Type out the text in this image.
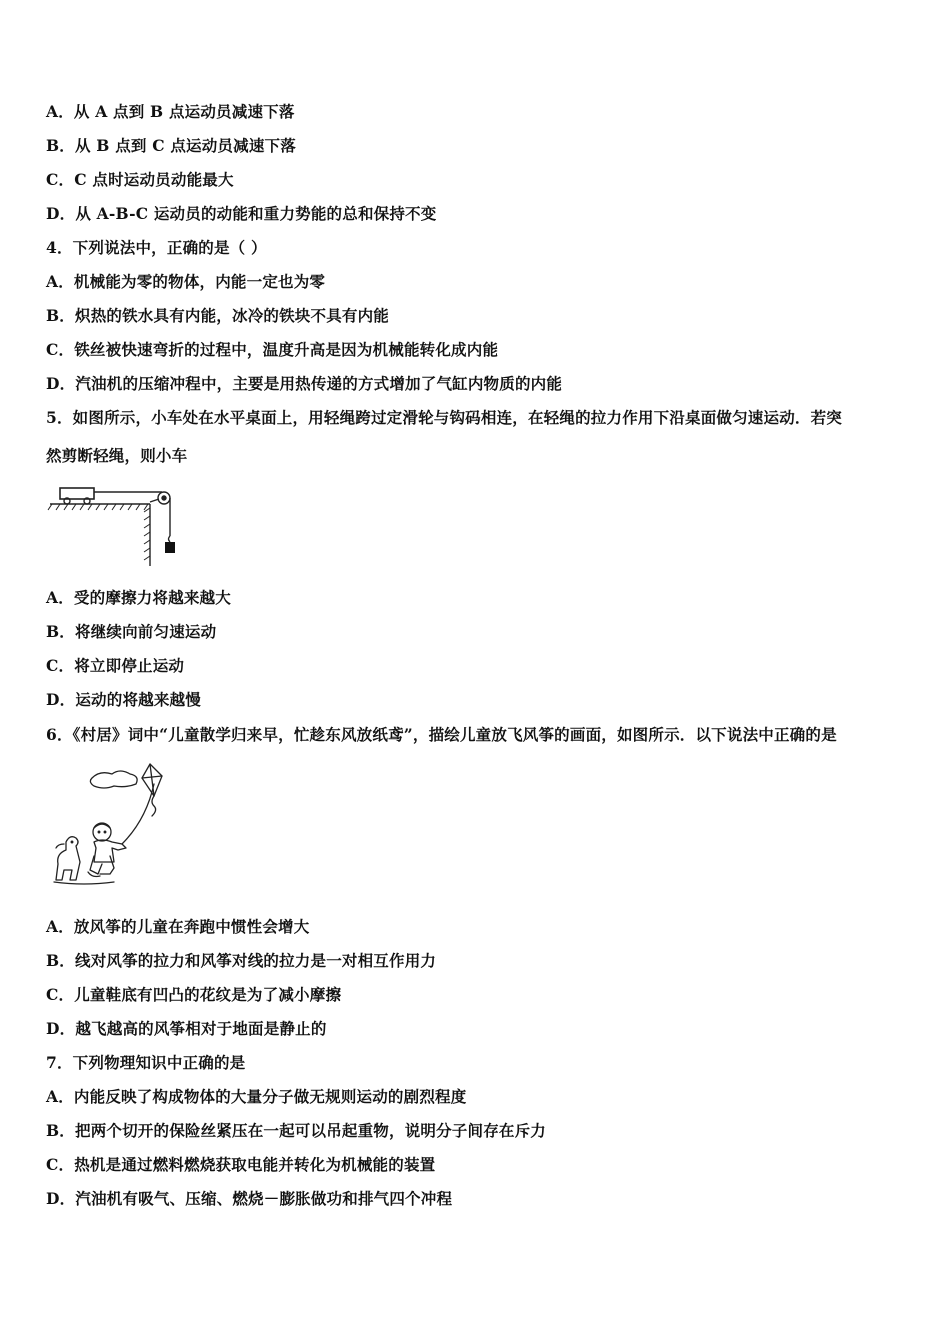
A．从 A 点到 B 点运动员减速下落
B．从 B 点到 C 点运动员减速下落
C．C 点时运动员动能最大
D．从 A-B-C 运动员的动能和重力势能的总和保持不变
4．下列说法中，正确的是（ ）
A．机械能为零的物体，内能一定也为零
B．炽热的铁水具有内能，冰冷的铁块不具有内能
C．铁丝被快速弯折的过程中，温度升高是因为机械能转化成内能
D．汽油机的压缩冲程中，主要是用热传递的方式增加了气缸内物质的内能
5．如图所示，小车处在水平桌面上，用轻绳跨过定滑轮与钩码相连，在轻绳的拉力作用下沿桌面做匀速运动．若突
然剪断轻绳，则小车
A．受的摩擦力将越来越大
B．将继续向前匀速运动
C．将立即停止运动
D．运动的将越来越慢
6．《村居》词中“儿童散学归来早，忙趁东风放纸鸢”，描绘儿童放飞风筝的画面，如图所示．以下说法中正确的是
A．放风筝的儿童在奔跑中惯性会增大
B．线对风筝的拉力和风筝对线的拉力是一对相互作用力
C．儿童鞋底有凹凸的花纹是为了减小摩擦
D．越飞越高的风筝相对于地面是静止的
7．下列物理知识中正确的是
A．内能反映了构成物体的大量分子做无规则运动的剧烈程度
B．把两个切开的保险丝紧压在一起可以吊起重物，说明分子间存在斥力
C．热机是通过燃料燃烧获取电能并转化为机械能的装置
D．汽油机有吸气、压缩、燃烧－膨胀做功和排气四个冲程
